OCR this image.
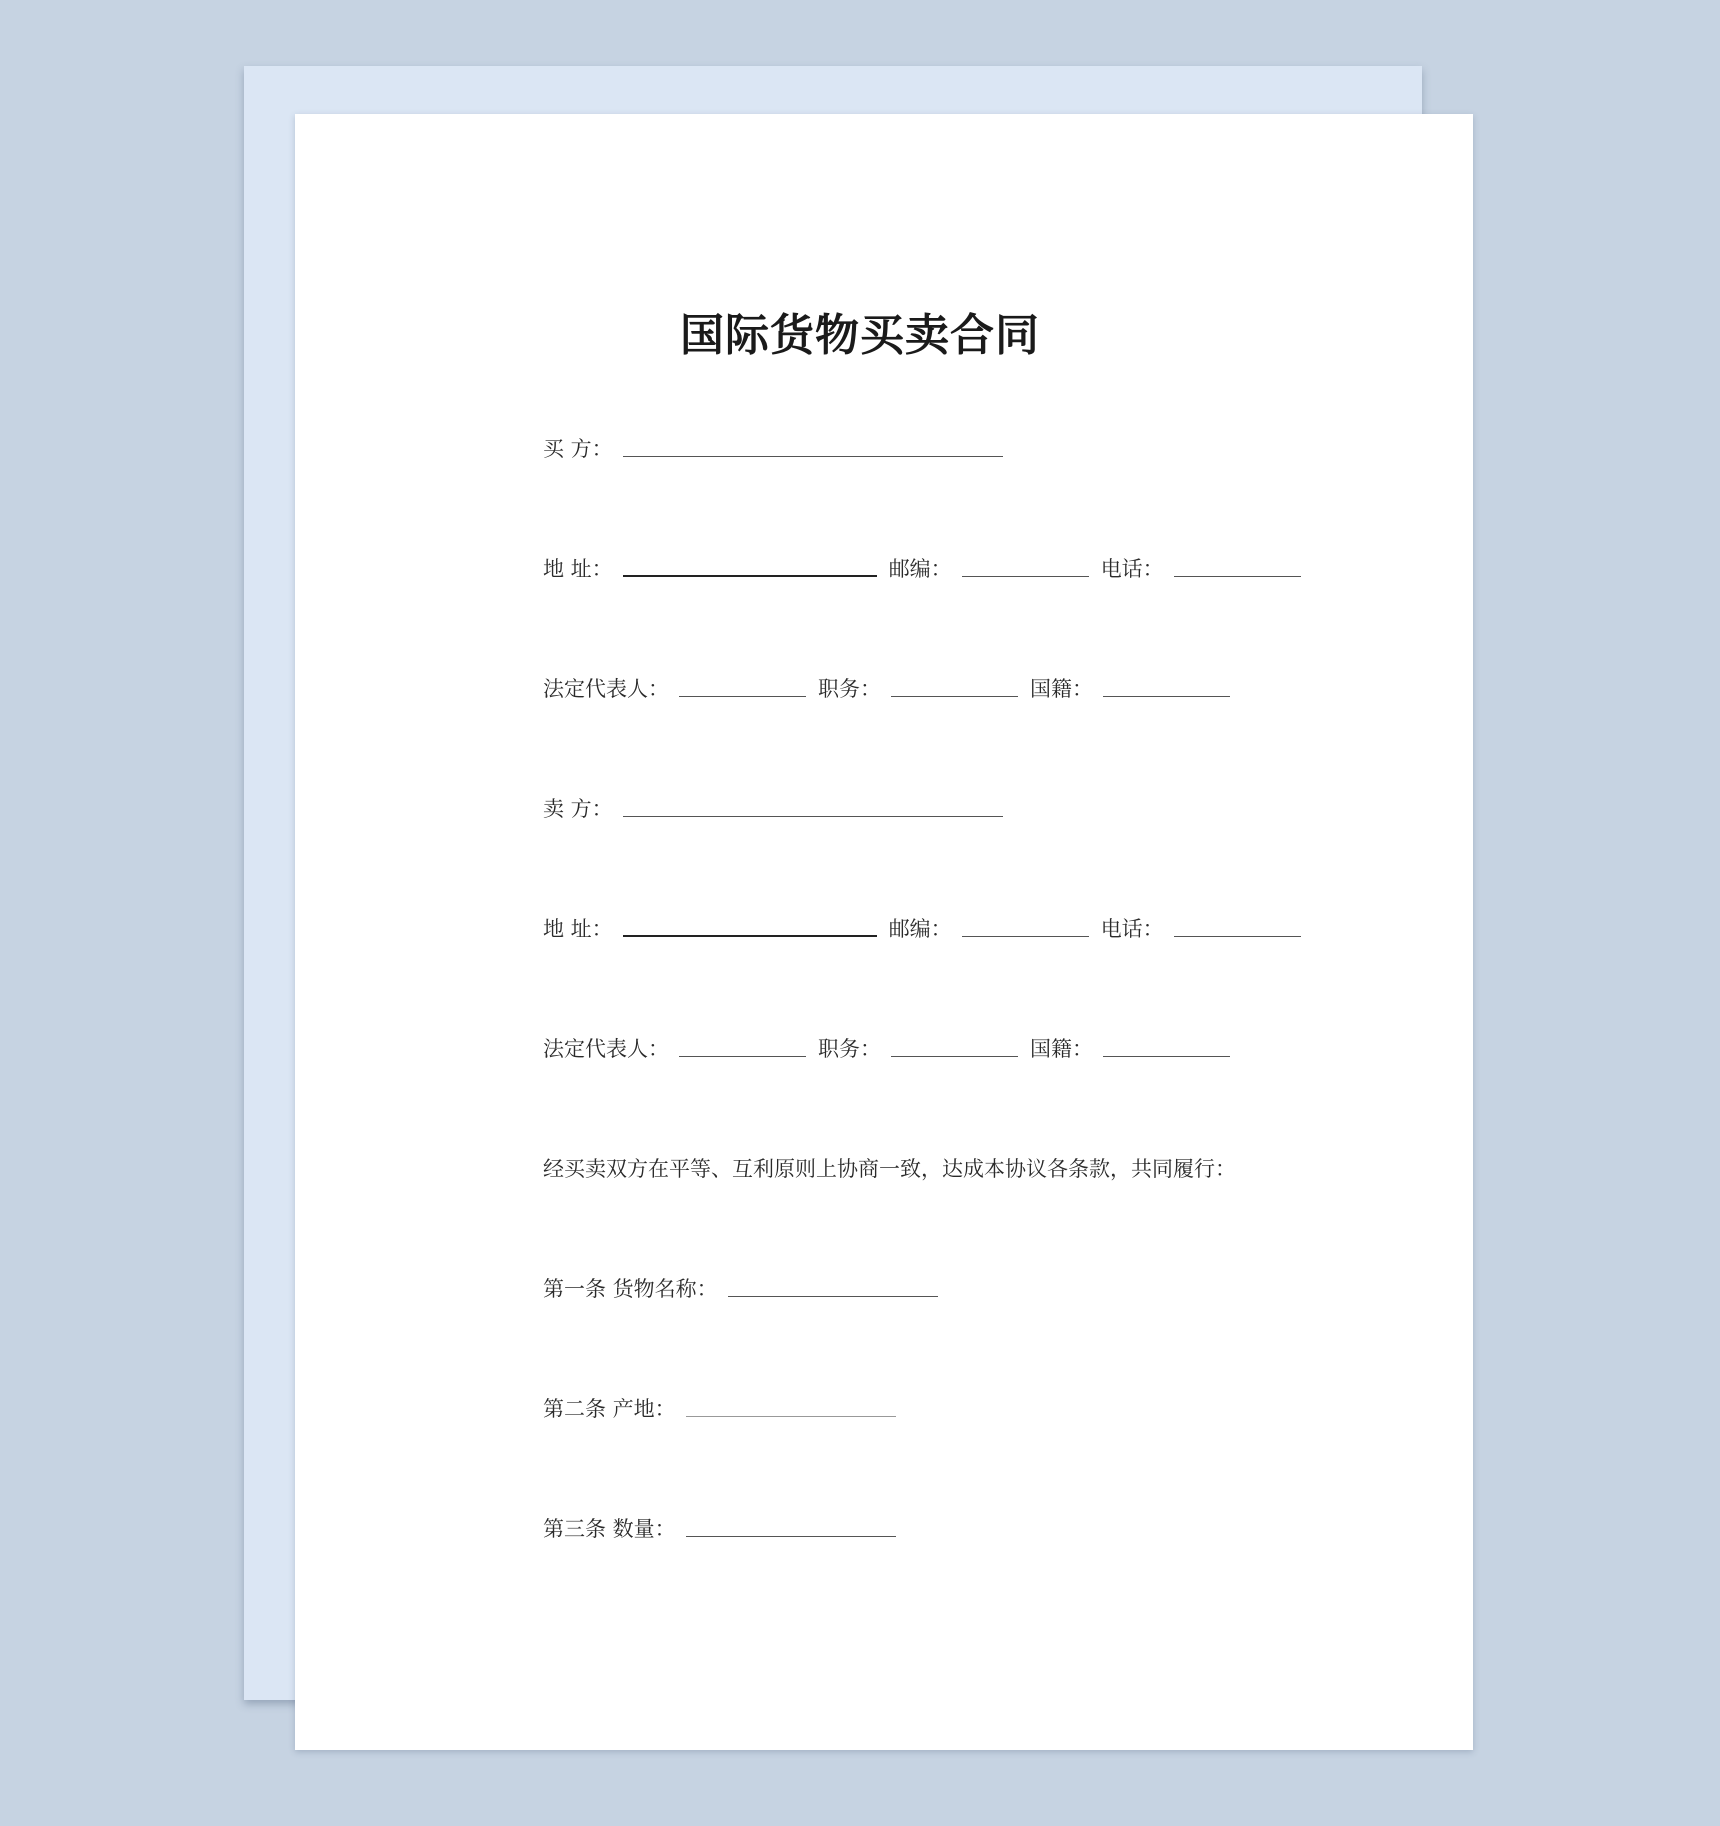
国际货物买卖合同
买 方：
地 址：	邮编：	电话：
法定代表人：	职务：	国籍：
卖 方：
地 址：	邮编：	电话：
法定代表人：	职务：	国籍：
经买卖双方在平等、互利原则上协商一致，达成本协议各条款，共同履行：
第一条 货物名称：
第二条 产地：
第三条 数量：
